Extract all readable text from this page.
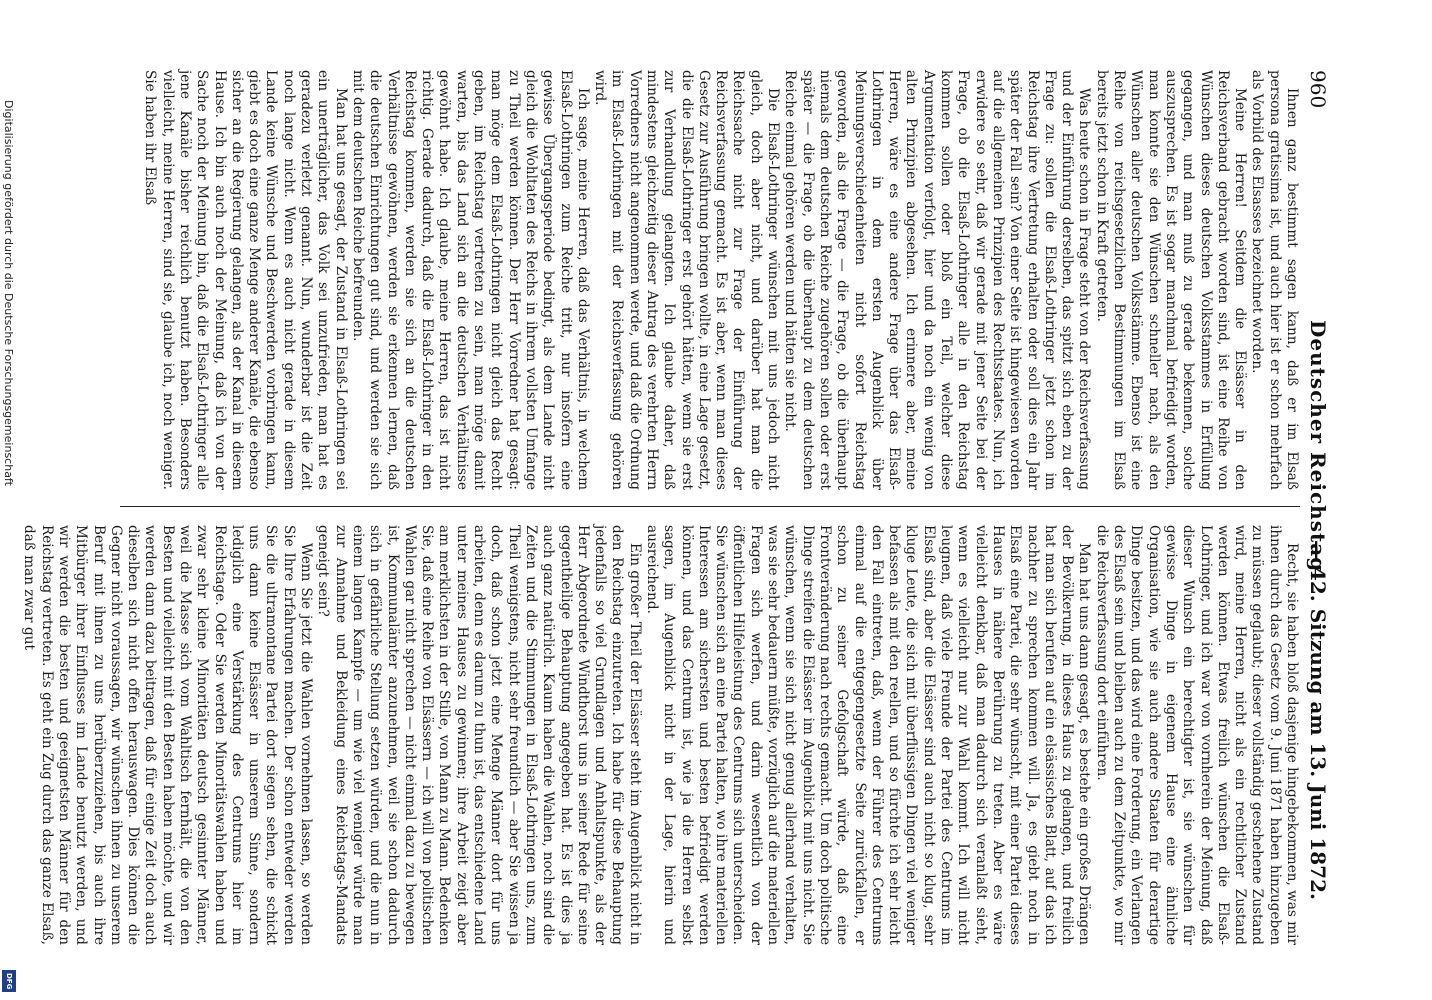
960
Deutscher Reichstag.
— 42. Sitzung am 13. Juni 1872.

Ihnen ganz bestimmt sagen kann, daß er im Elsaß persona gratissima ist, und auch hier ist er schon mehrfach als Vorbild des Elsasses bezeichnet worden.

Meine Herren! Seitdem die Elsässer in den Reichsverband gebracht worden sind, ist eine Reihe von Wünschen dieses deutschen Volksstammes in Erfüllung gegangen, und man muß zu gerade bekennen, solche auszusprechen. Es ist sogar manchmal befriedigt worden, man konnte sie den Wünschen schneller nach, als den Wünschen aller deutschen Volksstämme. Ebenso ist eine Reihe von reichsgesetzlichen Bestimmungen im Elsaß bereits jetzt schon in Kraft getreten.

Was heute schon in Frage steht von der Reichsverfassung und der Einführung derselben, das spitzt sich eben zu der Frage zu: sollen die Elsaß-Lothringer jetzt schon im Reichstag ihre Vertretung erhalten oder soll dies ein Jahr später der Fall sein? Von einer Seite ist hingewiesen worden auf die allgemeinen Prinzipien des Rechtsstaates. Nun, ich erwidere so sehr, daß wir gerade mit jener Seite bei der Frage, ob die Elsaß-Lothringer alle in den Reichstag kommen sollen oder bloß ein Teil, welcher diese Argumentation verfolgt, hier und da noch ein wenig von alten Prinzipien abgesehen. Ich erinnere aber, meine Herren, wäre es eine andere Frage über das Elsaß-Lothringen in dem ersten Augenblick über Meinungsverschiedenheiten nicht sofort Reichstag geworden, als die Frage — die Frage, ob die überhaupt niemals dem deutschen Reiche zugehören sollen oder erst später — die Frage, ob die überhaupt zu dem deutschen Reiche einmal gehören werden und hätten sie nicht.

Die Elsaß-Lothringer wünschen mit uns jedoch nicht gleich, doch aber nicht, und darüber hat man die Reichssache nicht zur Frage der Einführung der Reichsverfassung gemacht. Es ist aber, wenn man dieses Gesetz zur Ausführung bringen wollte, in eine Lage gesetzt, die die Elsaß-Lothringer erst gehört hätten, wenn sie erst zur Verhandlung gelangten. Ich glaube daher, daß mindestens gleichzeitig dieser Antrag des verehrten Herrn Vorredners nicht angenommen werde, und daß die Ordnung im Elsaß-Lothringen mit der Reichsverfassung gehören wird.

Ich sage, meine Herren, daß das Verhältnis, in welchem Elsaß-Lothringen zum Reiche tritt, nur insofern eine gewisse Übergangsperiode bedingt, als dem Lande nicht gleich die Wohltaten des Reichs in ihrem vollsten Umfange zu Theil werden können. Der Herr Vorredner hat gesagt: man möge dem Elsaß-Lothringen nicht gleich das Recht geben, im Reichstag vertreten zu sein, man möge damit warten, bis das Land sich an die deutschen Verhältnisse gewöhnt habe. Ich glaube, meine Herren, das ist nicht richtig. Gerade dadurch, daß die Elsaß-Lothringer in den Reichstag kommen, werden sie sich an die deutschen Verhältnisse gewöhnen, werden sie erkennen lernen, daß die deutschen Einrichtungen gut sind, und werden sie sich mit dem deutschen Reiche befreunden.

Man hat uns gesagt, der Zustand in Elsaß-Lothringen sei ein unerträglicher, das Volk sei unzufrieden, man hat es geradezu verletzt genannt. Nun, wunderbar ist die Zeit noch lange nicht. Wenn es auch nicht gerade in diesem Lande keine Wünsche und Beschwerden vorbringen kann, giebt es doch eine ganze Menge anderer Kanäle, die ebenso sicher an die Regierung gelangen, als der Kanal in diesem Hause. Ich bin auch noch der Meinung, daß ich von der Sache noch der Meinung bin, daß die Elsaß-Lothringer alle jene Kanäle bisher reichlich benutzt haben. Besonders vielleicht, meine Herren, sind sie, glaube ich, noch weniger. Sie haben ihr Elsaß

Recht, sie haben bloß dasjenige hingebekommen, was mir ihnen durch das Gesetz vom 9. Juni 1871 haben hinzugeben zu müssen geglaubt; dieser vollständig geschehene Zustand wird, meine Herren, nicht als ein rechtlicher Zustand werden können. Etwas freilich wünschen die Elsaß-Lothringer, und ich war von vornherein der Meinung, daß dieser Wunsch ein berechtigter ist, sie wünschen für gewisse Dinge in eigenem Hause eine ähnliche Organisation, wie sie auch andere Staaten für derartige Dinge besitzen, und das wird eine Forderung, ein Verlangen des Elsaß sein und bleiben auch zu dem Zeitpunkte, wo mir die Reichsverfassung dort einführen.

Man hat uns dann gesagt, es bestehe ein großes Drängen der Bevölkerung, in dieses Haus zu gelangen, und freilich hat man sich berufen auf ein elsässisches Blatt, auf das ich nachher zu sprechen kommen will. Ja, es giebt noch in Elsaß eine Partei, die sehr wünscht, mit einer Partei dieses Hauses in nähere Berührung zu treten. Aber es wäre vielleicht denkbar, daß man dadurch sich veranlaßt sieht, wenn es vielleicht nur zur Wahl kommt. Ich will nicht leugnen, daß viele Freunde der Partei des Centrums im Elsaß sind, aber die Elsässer sind auch nicht so klug, sehr kluge Leute, die sich mit überflüssigen Dingen viel weniger befassen als mit den reellen, und so fürchte ich sehr leicht den Fall eintreten, daß, wenn der Führer des Centrums einmal auf die entgegengesetzte Seite zurückfallen, er schon zu seiner Gefolgschaft würde, daß eine Frontveränderung nach rechts gemacht. Um doch politische Dinge streifen die Elsässer im Augenblick mit uns nicht. Sie wünschen, wenn sie sich nicht genug allerhand verhalten, was sie sehr bedauern müßte, vorzüglich auf die materiellen Fragen sich werfen, und darin wesentlich von der öffentlichen Hilfeleistung des Centrums sich unterscheiden. Sie wünschen sich an eine Partei halten, wo ihre materiellen Interessen am sichersten und besten befriedigt werden können, und das Centrum ist, wie ja die Herren selbst sagen, im Augenblick nicht in der Lage, hierin und ausreichend.

Ein großer Theil der Elsässer steht im Augenblick nicht in den Reichstag einzutreten. Ich habe für diese Behauptung jedenfalls so viel Grundlagen und Anhaltspunkte, als der Herr Abgeordnete Windthorst uns in seiner Rede für seine gegentheilige Behauptung angegeben hat. Es ist dies ja auch ganz natürlich. Kaum haben die Wahlen, noch sind die Zeiten und die Stimmungen in Elsaß-Lothringen uns, zum Theil wenigstens, nicht sehr freundlich — aber Sie wissen ja doch, daß schon jetzt eine Menge Männer dort für uns arbeiten, denn es darum zu thun ist, das entschiedene Land unter meines Hauses zu gewinnen; ihre Arbeit zeigt aber am merklichsten in der Stille, von Mann zu Mann. Bedenken Sie, daß eine Reihe von Elsässern — ich will von politischen Wahlen gar nicht sprechen — nicht einmal dazu zu bewegen ist, Kommunalämter anzunehmen, weil sie schon dadurch sich in gefährliche Stellung setzen würden, und die nun in einem langen Kampfe — um wie viel weniger würde man zur Annahme und Bekleidung eines Reichstags-Mandats geneigt sein?

Wenn Sie jetzt die Wahlen vornehmen lassen, so werden Sie Ihre Erfahrungen machen. Der schon entweder werden Sie die ultramontane Partei dort siegen sehen, die schickt uns dann keine Elsässer in unserem Sinne, sondern lediglich eine Verstärkung des Centrums hier im Reichstage. Oder Sie werden Minoritätswahlen haben und zwar sehr kleine Minoritäten deutsch gesinnter Männer, weil die Masse sich vom Wahltisch fernhält, die von den Besten und vielleicht mit den Besten haben möchte, und wir werden dann dazu beitragen, daß für einige Zeit doch auch dieselben sich nicht offen herauswagen. Dies können die Gegner nicht voraussagen, wir wünschen ihnen zu unserem Beruf mit ihnen zu uns herüberzuziehen, bis auch ihre Mitbürger ihrer Einflusses im Lande benutzt werden, und wir werden die besten und geeignetsten Männer für den Reichstag vertreten. Es geht ein Zug durch das ganze Elsaß, daß man zwar gut

Digitalisierung gefördert durch die Deutsche Forschungsgemeinschaft
DFG
